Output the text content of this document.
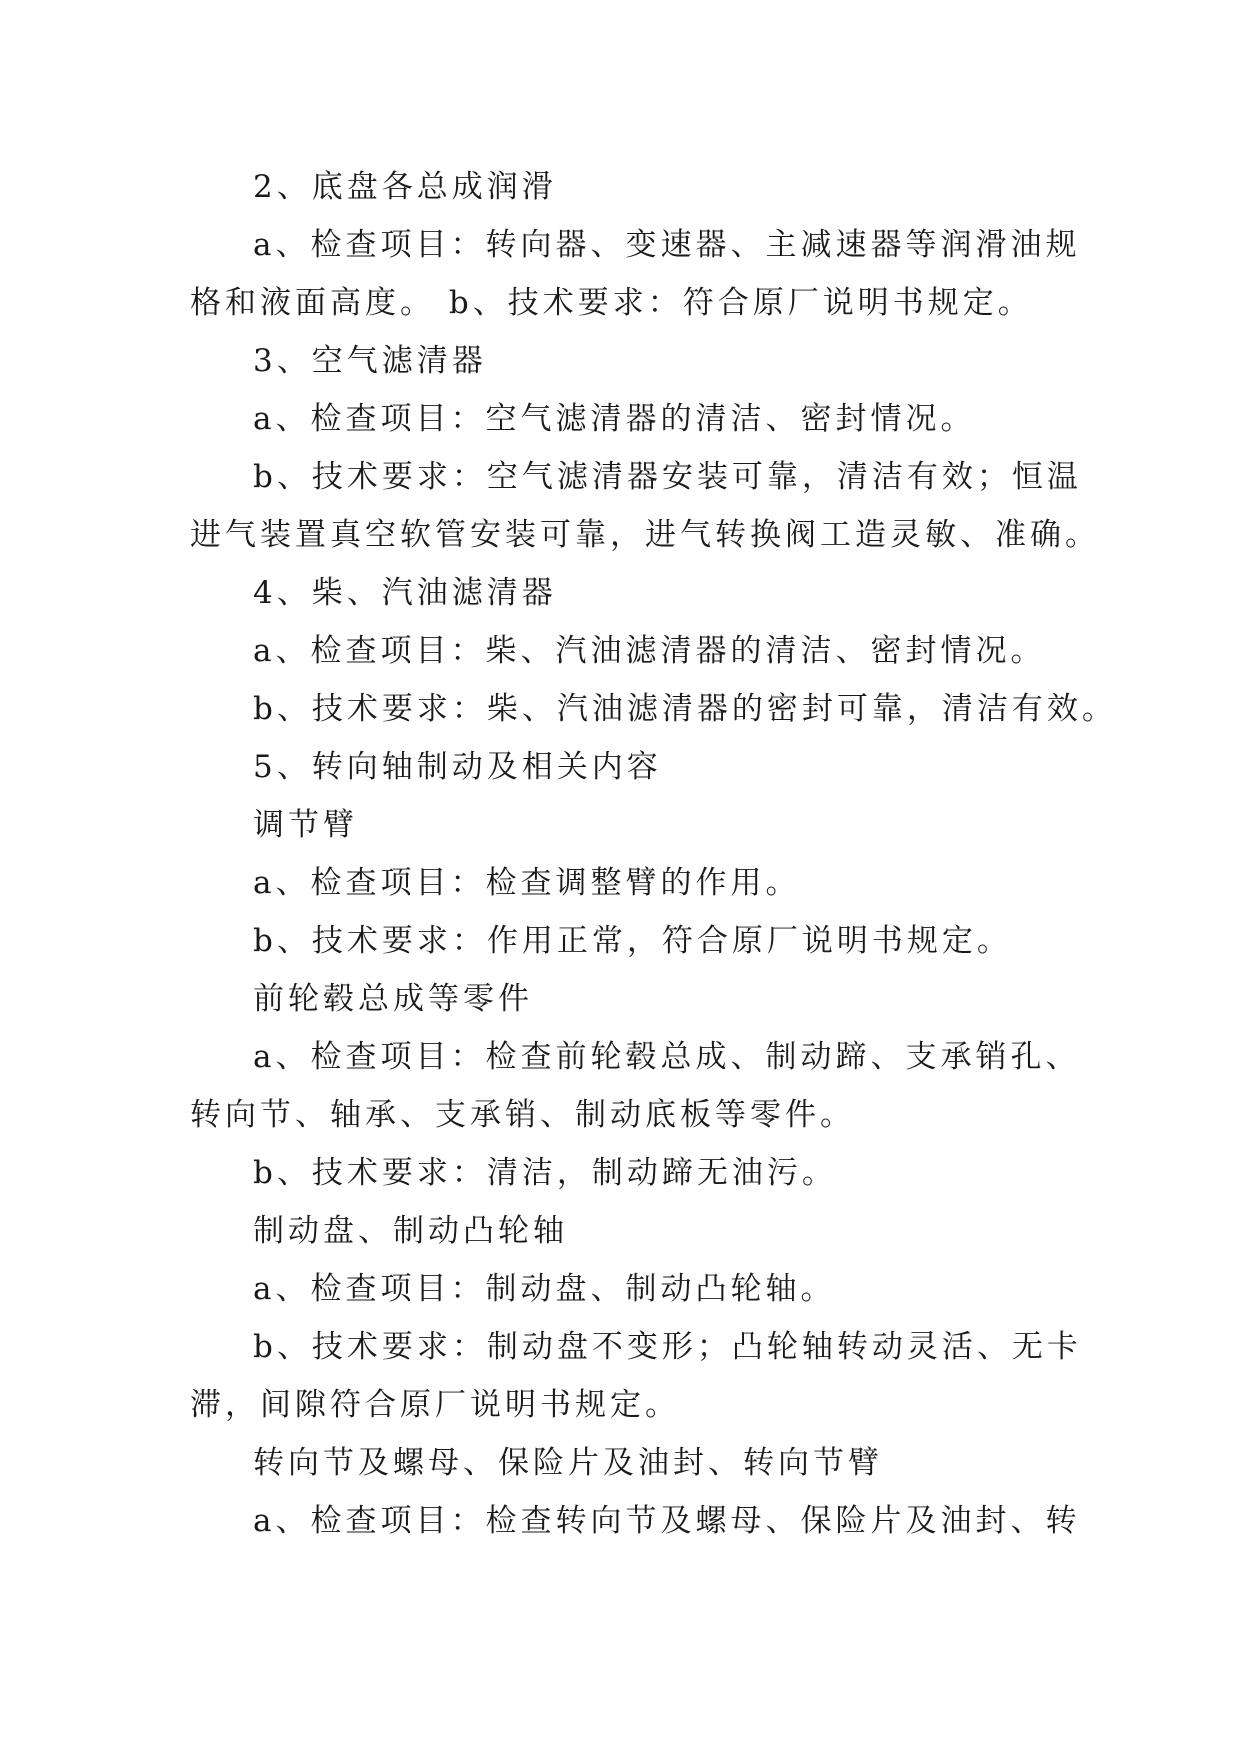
2、底盘各总成润滑
a、检查项目：转向器、变速器、主减速器等润滑油规
格和液面高度。 b、技术要求：符合原厂说明书规定。
3、空气滤清器
a、检查项目：空气滤清器的清洁、密封情况。
b、技术要求：空气滤清器安装可靠，清洁有效；恒温
进气装置真空软管安装可靠，进气转换阀工造灵敏、准确。
4、柴、汽油滤清器
a、检查项目：柴、汽油滤清器的清洁、密封情况。
b、技术要求：柴、汽油滤清器的密封可靠，清洁有效。
5、转向轴制动及相关内容
调节臂
a、检查项目：检查调整臂的作用。
b、技术要求：作用正常，符合原厂说明书规定。
前轮毂总成等零件
a、检查项目：检查前轮毂总成、制动蹄、支承销孔、
转向节、轴承、支承销、制动底板等零件。
b、技术要求：清洁，制动蹄无油污。
制动盘、制动凸轮轴
a、检查项目：制动盘、制动凸轮轴。
b、技术要求：制动盘不变形；凸轮轴转动灵活、无卡
滞，间隙符合原厂说明书规定。
转向节及螺母、保险片及油封、转向节臂
a、检查项目：检查转向节及螺母、保险片及油封、转
